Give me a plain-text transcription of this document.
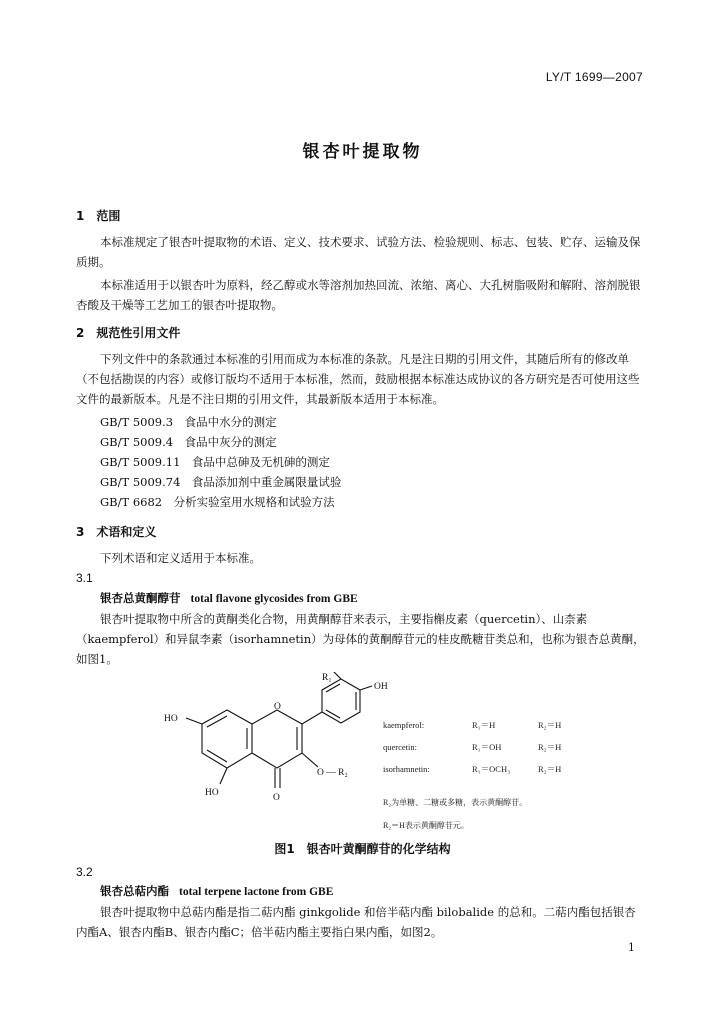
LY/T 1699—2007
银杏叶提取物
1　范围
本标准规定了银杏叶提取物的术语、定义、技术要求、试验方法、检验规则、标志、包装、贮存、运输及保质期。
本标准适用于以银杏叶为原料，经乙醇或水等溶剂加热回流、浓缩、离心、大孔树脂吸附和解附、溶剂脱银杏酸及干燥等工艺加工的银杏叶提取物。
2　规范性引用文件
下列文件中的条款通过本标准的引用而成为本标准的条款。凡是注日期的引用文件，其随后所有的修改单（不包括勘误的内容）或修订版均不适用于本标准，然而，鼓励根据本标准达成协议的各方研究是否可使用这些文件的最新版本。凡是不注日期的引用文件，其最新版本适用于本标准。
GB/T 5009.3　食品中水分的测定
GB/T 5009.4　食品中灰分的测定
GB/T 5009.11　食品中总砷及无机砷的测定
GB/T 5009.74　食品添加剂中重金属限量试验
GB/T 6682　分析实验室用水规格和试验方法
3　术语和定义
下列术语和定义适用于本标准。
3.1
银杏总黄酮醇苷 total flavone glycosides from GBE
银杏叶提取物中所含的黄酮类化合物，用黄酮醇苷来表示，主要指槲皮素（quercetin）、山柰素（kaempferol）和异鼠李素（isorhamnetin）为母体的黄酮醇苷元的桂皮酰糖苷类总和，也称为银杏总黄酮，如图1。
R₁
OH
HO
HO
O
O
O — R₂
kaempferol:	R₁＝H	R₂＝H
quercetin:	R₁＝OH	R₂＝H
isorhamnetin:	R₁＝OCH₃	R₂＝H
R₂为单糖、二糖或多糖，表示黄酮醇苷。
R₂＝H表示黄酮醇苷元。
图1　银杏叶黄酮醇苷的化学结构
3.2
银杏总萜内酯 total terpene lactone from GBE
银杏叶提取物中总萜内酯是指二萜内酯 ginkgolide 和倍半萜内酯 bilobalide 的总和。二萜内酯包括银杏内酯A、银杏内酯B、银杏内酯C；倍半萜内酯主要指白果内酯，如图2。
1
